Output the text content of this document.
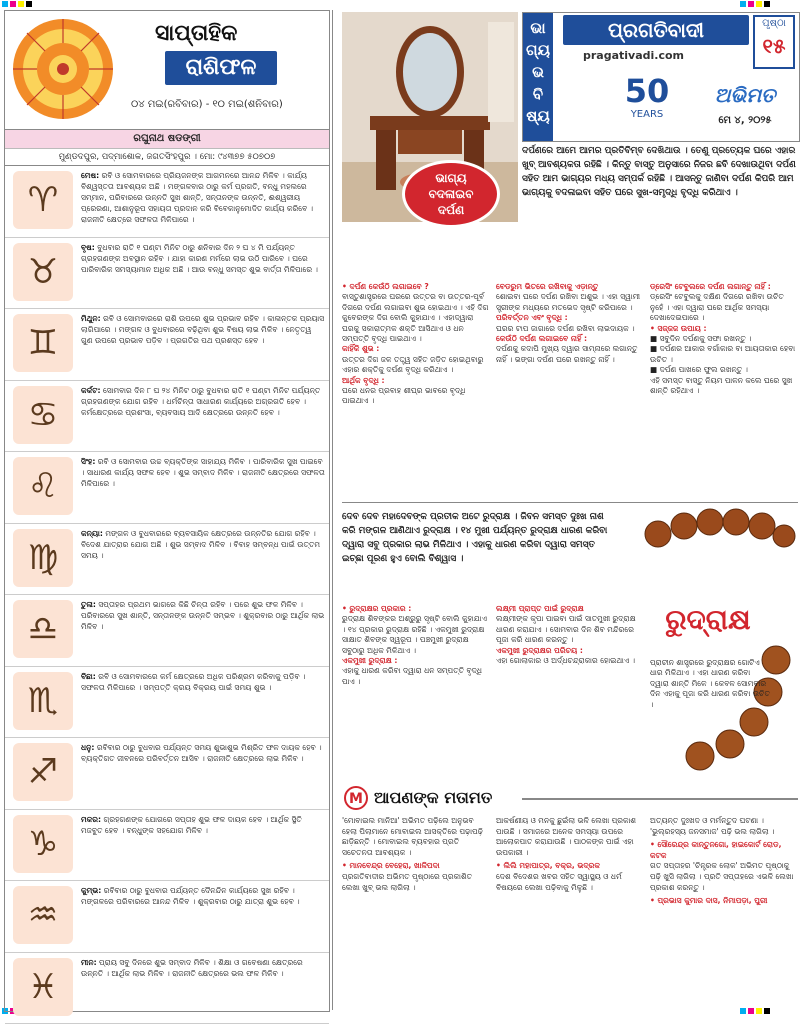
ସାପ୍ତାହିକ
ରାଶିଫଳ
୦୪ ମଇ(ରବିବାର) - ୧୦ ମଇ(ଶନିବାର)
ରଘୁନାଥ ଷଡଙ୍ଗୀ
ମୁଣ୍ଡଦପୁର, ପଦ୍ମାଶୋକ, ଜଗତସିଂହପୁର । ମୋ: ୯୪୩୭୭ ୫୦୭୦୭
♈
ମେଷ: ରବି ଓ ସୋମବାରରେ ପ୍ରିୟଜନଙ୍କ ଆଗମନରେ ଆନନ୍ଦ ମିଳିବ । କାର୍ଯ୍ୟ ବିଶ୍ୱସ୍ତତା ଆବଶ୍ୟକ ଅଛି । ମଙ୍ଗଳବାର ଠାରୁ କର୍ମ ପ୍ରଗତି, ବନ୍ଧୁ ମହଲରେ ସମ୍ମାନ, ପରିବାରରେ ଉନ୍ନତି ସୁଖ ଶାନ୍ତି, ସନ୍ତାନଙ୍କ ଉନ୍ନତି, ଈଶ୍ୱରୀୟ ପ୍ରେରଣା, ଆଶାନୁରୂପ ସହାୟତା ପ୍ରଦାନ କରି ବିବେକାନୁମୋଦିତ କାର୍ଯ୍ୟ କରିବେ । ରାଜନୀତି କ୍ଷେତ୍ରେ ସଫଳତା ମିଳିପାରେ ।
♉
ବୃଷ: ବୁଧବାର ରାତି ୧ ଘଣ୍ଟା ମିନିଟ ଠାରୁ ଶନିବାର ଦିନ ୨ ଘ ୪ ମି ପର୍ଯ୍ୟନ୍ତ ଗ୍ରହଗଣଙ୍କ ଅବସ୍ଥାନ ରହିବ । ଯାହା କାରଣ ମର୍ମରେ ଲାଭ ଉଠି ପାରିବେ । ଘରେ ପାରିବାରିକ ସମସ୍ୟାମାନ ଅଧିକ ଅଛି । ଆଉ ବନ୍ଧୁ ସମସ୍ତ ଶୁଭ ବାର୍ତ୍ତା ମିଳିପାରେ ।
♊
ମିଥୁନ: ରବି ଓ ସୋମବାରରେ ରାଶି ଉପରେ ଶୁଭ ପ୍ରଭାବ ରହିବ । କାଳାନ୍ତକ ପ୍ରୟାସ ଲାଗିପାରେ । ମଙ୍ଗଳ ଓ ବୁଧବାରରେ ବଢ଼ିଥିବା ଶୁଭ ବିଷୟ ଲାଭ ମିଳିବ । ନେତୃତ୍ୱ ଗୁଣ ଉପରେ ପ୍ରଭାବ ପଡ଼ିବ । ପ୍ରଗତିର ପଥ ପ୍ରଶସ୍ତ ହେବ ।
♋
କର୍କଟ: ସୋମବାର ଦିନ ୮ ଘ ୨୪ ମିନିଟ ଠାରୁ ବୁଧବାର ରାତି ୧ ଘଣ୍ଟା ମିନିଟ ପର୍ଯ୍ୟନ୍ତ ଗ୍ରହଗଣଙ୍କ ଯୋଗ ରହିବ । ଧର୍ମଚିନ୍ତା ସାଧାରଣ କାର୍ଯ୍ୟରେ ଅଗ୍ରଗତି ହେବ । କର୍ମକ୍ଷେତ୍ରରେ ପ୍ରଶଂସା, ବ୍ୟବସାୟ ଆଦି କ୍ଷେତ୍ରରେ ଉନ୍ନତି ହେବ ।
♌
ସିଂହ: ରବି ଓ ସୋମବାର ଉଚ୍ଚ ବ୍ୟକ୍ତିଙ୍କ ସାହାଯ୍ୟ ମିଳିବ । ପାରିବାରିକ ସୁଖ ପାଇବେ । ସାଧାରଣ କାର୍ଯ୍ୟ ସଫଳ ହେବ । ଶୁଭ ସମ୍ବାଦ ମିଳିବ । ରାଜନୀତି କ୍ଷେତ୍ରରେ ସଫଳତା ମିଳିପାରେ ।
♍
କନ୍ୟା: ମଙ୍ଗଳ ଓ ବୁଧବାରରେ ବ୍ୟବସାୟିକ କ୍ଷେତ୍ରରେ ଉନ୍ନତିର ଯୋଗ ରହିବ । ବିଦେଶ ଯାତ୍ରାର ଯୋଗ ଅଛି । ଶୁଭ ସମ୍ବାଦ ମିଳିବ । ବିବାହ ସମ୍ବନ୍ଧ ପାଇଁ ଉତ୍ତମ ସମୟ ।
♎
ତୁଳା: ସପ୍ତାହର ପ୍ରଥମ ଭାଗରେ କିଛି ଚିନ୍ତା ରହିବ । ପରେ ଶୁଭ ଫଳ ମିଳିବ । ପରିବାରରେ ସୁଖ ଶାନ୍ତି, ସନ୍ତାନଙ୍କ ଉନ୍ନତି ସମ୍ଭବ । ଶୁକ୍ରବାର ଠାରୁ ଆର୍ଥିକ ଲାଭ ମିଳିବ ।
♏
ବିଛା: ରବି ଓ ସୋମବାରରେ କର୍ମ କ୍ଷେତ୍ରରେ ଅଧିକ ପରିଶ୍ରମ କରିବାକୁ ପଡ଼ିବ । ସଫଳତା ମିଳିପାରେ । ସମ୍ପତ୍ତି କ୍ରୟ ବିକ୍ରୟ ପାଇଁ ସମୟ ଶୁଭ ।
♐
ଧନୁ: ରବିବାର ଠାରୁ ବୁଧବାର ପର୍ଯ୍ୟନ୍ତ ସମୟ ଶୁଭାଶୁଭ ମିଶ୍ରିତ ଫଳ ଦାୟକ ହେବ । ବ୍ୟକ୍ତିଗତ ଜୀବନରେ ପରିବର୍ତ୍ତନ ଆସିବ । ରାଜନୀତି କ୍ଷେତ୍ରରେ ଲାଭ ମିଳିବ ।
♑
ମକର: ଗ୍ରହଗଣଙ୍କ ଯୋଗରେ ସପ୍ତାହ ଶୁଭ ଫଳ ଦାୟକ ହେବ । ଆର୍ଥିକ ସ୍ଥିତି ମଜବୁତ ହେବ । ବନ୍ଧୁଙ୍କ ସହଯୋଗ ମିଳିବ ।
♒
କୁମ୍ଭ: ରବିବାର ଠାରୁ ବୁଧବାର ପର୍ଯ୍ୟନ୍ତ ଦୈନନ୍ଦିନ କାର୍ଯ୍ୟରେ ସୁଖ ରହିବ । ମଙ୍ଗଳରେ ପରିବାରରେ ଆନନ୍ଦ ମିଳିବ । ଶୁକ୍ରବାର ଠାରୁ ଯାତ୍ରା ଶୁଭ ହେବ ।
♓
ମୀନ: ପ୍ରାୟ ସବୁ ଦିନରେ ଶୁଭ ସମ୍ବାଦ ମିଳିବ । ଶିକ୍ଷା ଓ ଗବେଷଣା କ୍ଷେତ୍ରରେ ଉନ୍ନତି । ଆର୍ଥିକ ଲାଭ ମିଳିବ । ରାଜନୀତି କ୍ଷେତ୍ରରେ ଭଲ ଫଳ ମିଳିବ ।
ଭାଗ୍ୟ
ବଦଳାଇବ
ଦର୍ପଣ
ଭା
ଗ୍ୟ
ଭ
ବି
ଷ୍ୟ
ପ୍ରଗତିବାଦୀ	ପୃଷ୍ଠା
୧୫
pragativadi.com
50
YEARS
ଅଭିମତ
ମେ ୪, ୨୦୨୫
ଦର୍ପଣରେ ଆମେ ଆମର ପ୍ରତିବିମ୍ବ ଦେଖିଥାଉ । ତେଣୁ ପ୍ରତ୍ୟେକ ଘରେ ଏହାର ଖୁବ୍ ଆବଶ୍ୟକତା ରହିଛି । କିନ୍ତୁ ବାସ୍ତୁ ଅନୁସାରେ ନିଜର ଛବି ଦେଖାଉଥିବା ଦର୍ପଣ ସହିତ ଆମ ଭାଗ୍ୟର ମଧ୍ୟ ସମ୍ପର୍କ ରହିଛି । ଆସନ୍ତୁ ଜାଣିବା ଦର୍ପଣ କିପରି ଆମ ଭାଗ୍ୟକୁ ବଦଳାଇବା ସହିତ ଘରେ ସୁଖ-ସମୃଦ୍ଧି ବୃଦ୍ଧି କରିଥାଏ ।
• ଦର୍ପଣ କେଉଁଠି ଲଗାଇବେ ?
ବାସ୍ତୁଶାସ୍ତ୍ରରେ ଘରରେ ଉତ୍ତର ବା ଉତ୍ତର-ପୂର୍ବ ଦିଗରେ ଦର୍ପଣ ଲଗାଇବା ଶୁଭ ହୋଇଥାଏ । ଏହି ଦିଗ କୁବେରଙ୍କ ଦିଗ ବୋଲି କୁହାଯାଏ । ଏହାଦ୍ୱାରା ଘରକୁ ସକାରାତ୍ମକ ଶକ୍ତି ଆସିଥାଏ ଓ ଧନ ସମ୍ପତ୍ତି ବୃଦ୍ଧି ପାଇଥାଏ ।
କାହିଁକି ଶୁଭ :
ଉତ୍ତର ଦିଗ ଜଳ ତତ୍ତ୍ୱ ସହିତ ଜଡ଼ିତ ହୋଇଥିବାରୁ ଏହାର ଶକ୍ତିକୁ ଦର୍ପଣ ବୃଦ୍ଧି କରିଥାଏ ।
ଆର୍ଥିକ ବୃଦ୍ଧି :
ଘରେ ଧନର ପ୍ରବାହ ଶୀଘ୍ର ଭାବରେ ବୃଦ୍ଧି ପାଇଥାଏ ।
ବେଡରୁମ ଭିତରେ ରଖିବାକୁ ଏଡ଼ାନ୍ତୁ
ଶୋଇବା ଘରେ ଦର୍ପଣ ରଖିବା ଅଶୁଭ । ଏହା ସ୍ୱାମୀ ସ୍ତ୍ରୀଙ୍କ ମଧ୍ୟରେ ମତଭେଦ ସୃଷ୍ଟି କରିପାରେ ।
ପରିବର୍ତ୍ତନ ଏବଂ ବୃଦ୍ଧି :
ଘରର ଟାପ ଜାଗାରେ ଦର୍ପଣ ରଖିବା ଲାଭଦାୟକ ।
କେଉଁଠି ଦର୍ପଣ ଲଗାଇବେ ନାହିଁ :
ଦର୍ପଣକୁ କଦାପି ମୁଖ୍ୟ ଦ୍ୱାର ସାମ୍ନାରେ ଲଗାନ୍ତୁ ନାହିଁ । ଭଙ୍ଗା ଦର୍ପଣ ଘରେ ରଖନ୍ତୁ ନାହିଁ ।
ଡ୍ରେସିଂ ଟେବୁଲରେ ଦର୍ପଣ ଲଗାନ୍ତୁ ନାହିଁ :
ଡ୍ରେସିଂ ଟେବୁଲକୁ ଦକ୍ଷିଣ ଦିଗରେ ରଖିବା ଉଚିତ ନୁହେଁ । ଏହା ଦ୍ୱାରା ଘରେ ଆର୍ଥିକ ସମସ୍ୟା ଦେଖାଦେଇପାରେ ।
• ସଜ୍ଜଜ ଉପାୟ :
■ ସବୁଦିନ ଦର୍ପଣକୁ ସଫା ରଖନ୍ତୁ ।
■ ଦର୍ପଣର ଆକାର ବର୍ଗାକାର ବା ଆୟତାକାର ହେବା ଉଚିତ ।
■ ଦର୍ପଣ ପାଖରେ ଫୁଲ ରଖନ୍ତୁ ।
ଏହି ସମସ୍ତ ବାସ୍ତୁ ନିୟମ ପାଳନ କଲେ ଘରେ ସୁଖ ଶାନ୍ତି ରହିଥାଏ ।
ଦେବ ଦେବ ମହାଦେବଙ୍କ ପ୍ରତୀକ ଅଟେ ରୁଦ୍ରାକ୍ଷ । ଜିବନ ସମସ୍ତ ଦୁଃଖ ନାଶ କରି ମଙ୍ଗଳ ଆଣିଥାଏ ରୁଦ୍ରାକ୍ଷ । ୧୪ ମୁଖୀ ପର୍ଯ୍ୟନ୍ତ ରୁଦ୍ରାକ୍ଷ ଧାରଣ କରିବା ଦ୍ୱାରା ସବୁ ପ୍ରକାର ଲାଭ ମିଳିଥାଏ । ଏହାକୁ ଧାରଣ କରିବା ଦ୍ୱାରା ସମସ୍ତ ଇଚ୍ଛା ପୂରଣ ହୁଏ ବୋଲି ବିଶ୍ୱାସ ।
ରୁଦ୍ରାକ୍ଷ
• ରୁଦ୍ରାକ୍ଷର ପ୍ରକାର :
ରୁଦ୍ରାକ୍ଷ ଶିବଙ୍କର ଅଶ୍ରୁରୁ ସୃଷ୍ଟି ବୋଲି କୁହାଯାଏ । ୧୪ ପ୍ରକାର ରୁଦ୍ରାକ୍ଷ ରହିଛି । ଏକମୁଖୀ ରୁଦ୍ରାକ୍ଷ ସାକ୍ଷାତ ଶିବଙ୍କ ସ୍ୱରୂପ । ପଞ୍ଚମୁଖୀ ରୁଦ୍ରାକ୍ଷ ସବୁଠାରୁ ଅଧିକ ମିଳିଥାଏ ।
ଏକମୁଖୀ ରୁଦ୍ରାକ୍ଷ :
ଏହାକୁ ଧାରଣ କରିବା ଦ୍ୱାରା ଧନ ସମ୍ପତ୍ତି ବୃଦ୍ଧି ପାଏ ।
ଲକ୍ଷ୍ମୀ ପ୍ରାପ୍ତ ପାଇଁ ରୁଦ୍ରାକ୍ଷ
ଲକ୍ଷ୍ମୀଙ୍କ କୃପା ପାଇବା ପାଇଁ ସାତମୁଖୀ ରୁଦ୍ରାକ୍ଷ ଧାରଣ କରାଯାଏ । ସୋମବାର ଦିନ ଶିବ ମନ୍ଦିରରେ ପୂଜା କରି ଧାରଣ କରନ୍ତୁ ।
ଏକମୁଖୀ ରୁଦ୍ରାକ୍ଷର ପରିଚୟ :
ଏହା ଗୋଲାକାର ଓ ଅର୍ଦ୍ଧଚନ୍ଦ୍ରାକାର ହୋଇଥାଏ ।	ପ୍ରାଚୀନ ଶାସ୍ତ୍ରରେ ରୁଦ୍ରାକ୍ଷର ଗୋଟିଏ ଧାର ମିଳିଥାଏ । ଏହା ଧାରଣ କରିବା ଦ୍ୱାରା ଶାନ୍ତି ମିଳେ । କେବଳ ସୋମବାର ଦିନ ଏହାକୁ ପୂଜା କରି ଧାରଣ କରିବା ଉଚିତ ।
M ଆପଣଙ୍କ ମତାମତ
'ମୋବାଇଲ ମାନିଆ' ଅଭିମତ ପଢ଼ିଲେ ଅନୁଭବ ହେଲା ପିଲାମାନେ ମୋବାଇଲ ଆସକ୍ତିରେ ପଢ଼ାପଢ଼ି ଛାଡ଼ିଛନ୍ତି । ମୋବାଇଲ ବ୍ୟବହାର ପ୍ରତି ସଚେତନତା ଆବଶ୍ୟକ ।
• ମାନବେନ୍ଦ୍ର ବେହେରା, ଖାଳିପଦା
ପ୍ରଗତିବାଦୀର ଅଭିମତ ପୃଷ୍ଠାରେ ପ୍ରକାଶିତ ଲେଖା ଖୁବ୍ ଭଲ ଲାଗିଲା ।
ଆକର୍ଷଣୀୟ ଓ ମନକୁ ଛୁଇଁଲା ଭଳି ଲେଖା ପ୍ରକାଶ ପାଉଛି । ସମାଜରେ ଅନେକ ସମସ୍ୟା ଉପରେ ଆଲୋକପାତ କରାଯାଉଛି । ପାଠକଙ୍କ ପାଇଁ ଏହା ଉପକାରୀ ।
• ଲିଲି ମହାପାତ୍ର, ବକ୍ର, ଭଦ୍ରକ
ଦେଶ ବିଦେଶର ଖବର ସହିତ ସ୍ୱାସ୍ଥ୍ୟ ଓ ଧର୍ମ ବିଷୟରେ ଲେଖା ପଢ଼ିବାକୁ ମିଳୁଛି ।
ଅତ୍ୟନ୍ତ ଦୁଃଖଦ ଓ ମର୍ମନ୍ତୁଦ ଘଟଣା । 'ଭୁଲ୍‌ରହସ୍ୟ ଜନସମାଜ' ପଢ଼ି ଭଲ ଲାଗିଲା ।
• ସୌରେନ୍ଦ୍ର କାନ୍ତୁନଗୋ, ହାଇକୋର୍ଟ ରୋଡ, କଟକ
ଗତ ସପ୍ତାହର 'ଚିନ୍ତ୍ରକ ଲୋକ' ଅଭିମତ ପୃଷ୍ଠାକୁ ପଢ଼ି ଖୁସି ଲାଗିଲା । ପ୍ରତି ସପ୍ତାହରେ ଏଭଳି ଲେଖା ପ୍ରକାଶ କରନ୍ତୁ ।
• ପ୍ରଭାସ କୁମାର ଦାସ, ନିମାପଡ଼ା, ପୁରୀ
